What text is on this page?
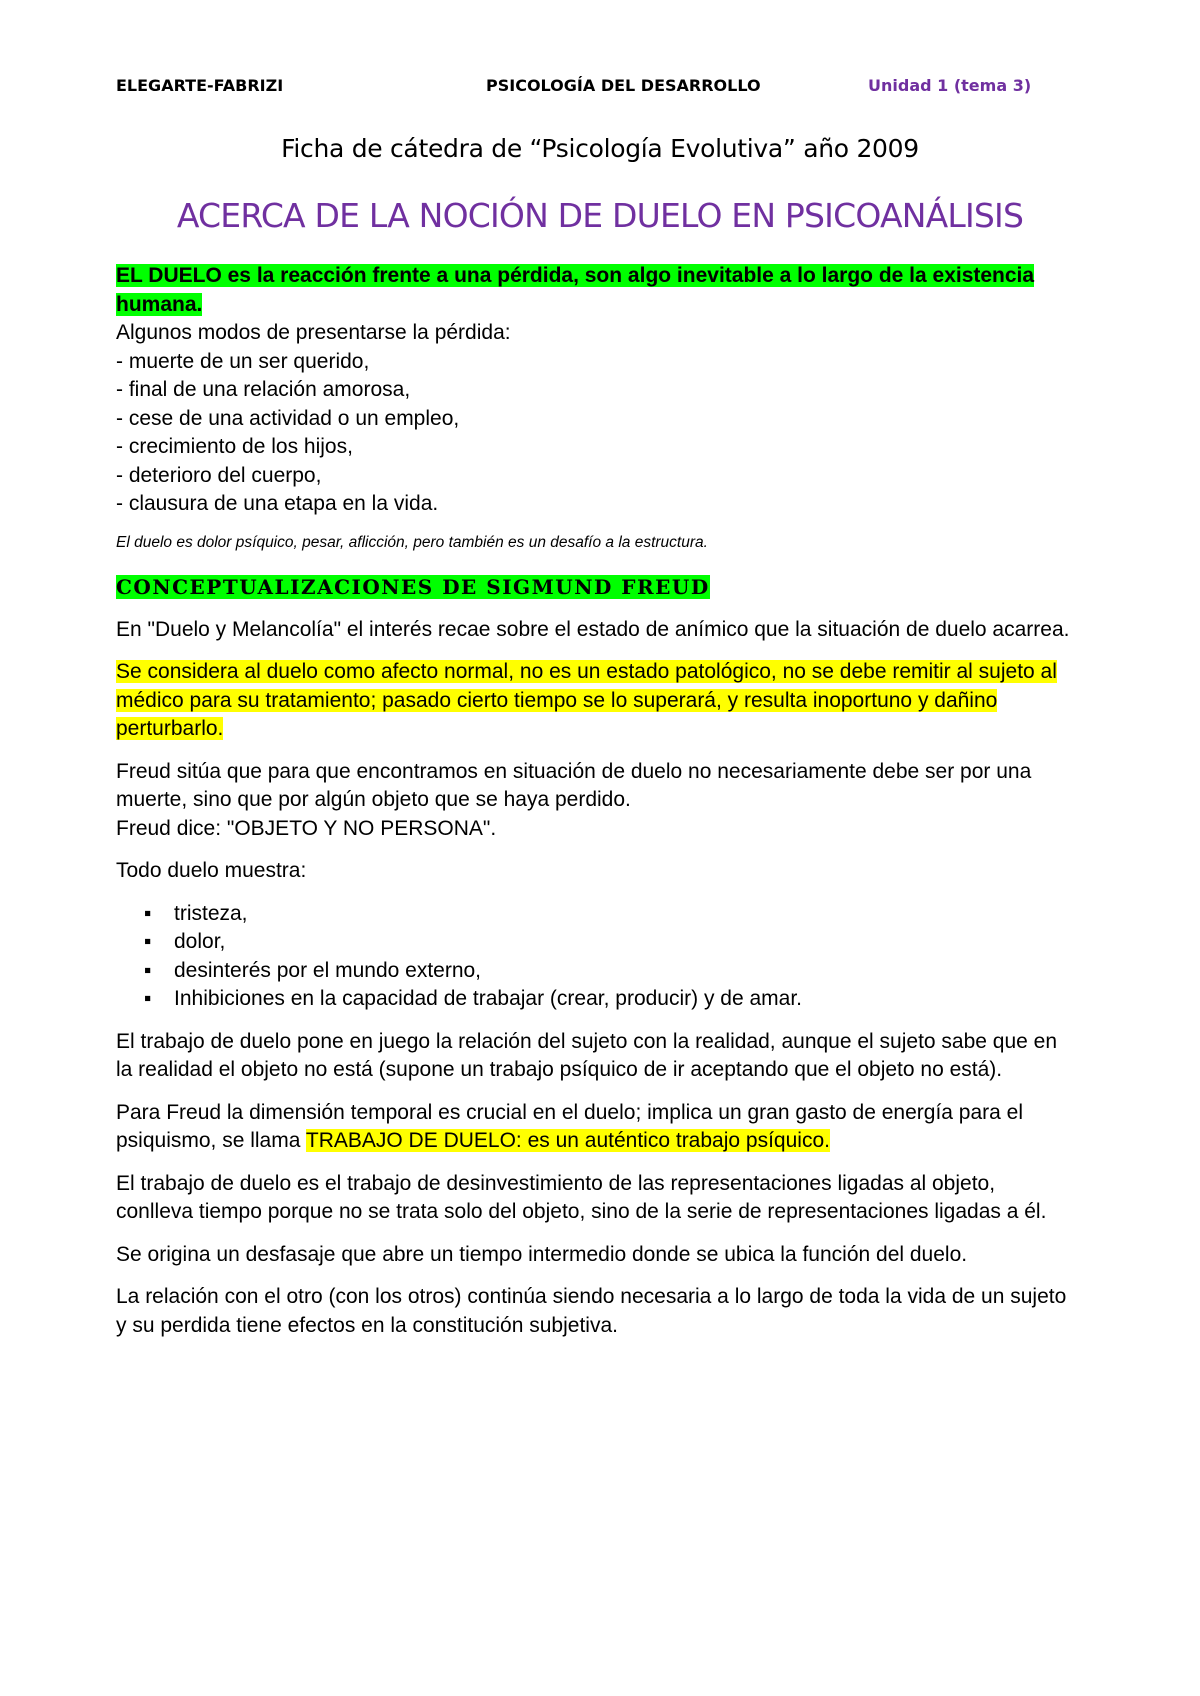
ELEGARTE-FABRIZI	PSICOLOGÍA DEL DESARROLLO	Unidad 1 (tema 3)
Ficha de cátedra de “Psicología Evolutiva” año 2009
ACERCA DE LA NOCIÓN DE DUELO EN PSICOANÁLISIS

EL DUELO es la reacción frente a una pérdida, son algo inevitable a lo largo de la existencia humana.

Algunos modos de presentarse la pérdida:

- muerte de un ser querido,
- final de una relación amorosa,
- cese de una actividad o un empleo,
- crecimiento de los hijos,
- deterioro del cuerpo,
- clausura de una etapa en la vida.

El duelo es dolor psíquico, pesar, aflicción, pero también es un desafío a la estructura.

CONCEPTUALIZACIONES DE SIGMUND FREUD

En "Duelo y Melancolía" el interés recae sobre el estado de anímico que la situación de duelo acarrea.

Se considera al duelo como afecto normal, no es un estado patológico, no se debe remitir al sujeto al médico para su tratamiento; pasado cierto tiempo se lo superará, y resulta inoportuno y dañino perturbarlo.

Freud sitúa que para que encontramos en situación de duelo no necesariamente debe ser por una muerte, sino que por algún objeto que se haya perdido.

Freud dice: "OBJETO Y NO PERSONA".

Todo duelo muestra:

▪ tristeza,
▪ dolor,
▪ desinterés por el mundo externo,
▪ Inhibiciones en la capacidad de trabajar (crear, producir) y de amar.

El trabajo de duelo pone en juego la relación del sujeto con la realidad, aunque el sujeto sabe que en la realidad el objeto no está (supone un trabajo psíquico de ir aceptando que el objeto no está).

Para Freud la dimensión temporal es crucial en el duelo; implica un gran gasto de energía para el psiquismo, se llama TRABAJO DE DUELO: es un auténtico trabajo psíquico.

El trabajo de duelo es el trabajo de desinvestimiento de las representaciones ligadas al objeto, conlleva tiempo porque no se trata solo del objeto, sino de la serie de representaciones ligadas a él.

Se origina un desfasaje que abre un tiempo intermedio donde se ubica la función del duelo.

La relación con el otro (con los otros) continúa siendo necesaria a lo largo de toda la vida de un sujeto y su perdida tiene efectos en la constitución subjetiva.
